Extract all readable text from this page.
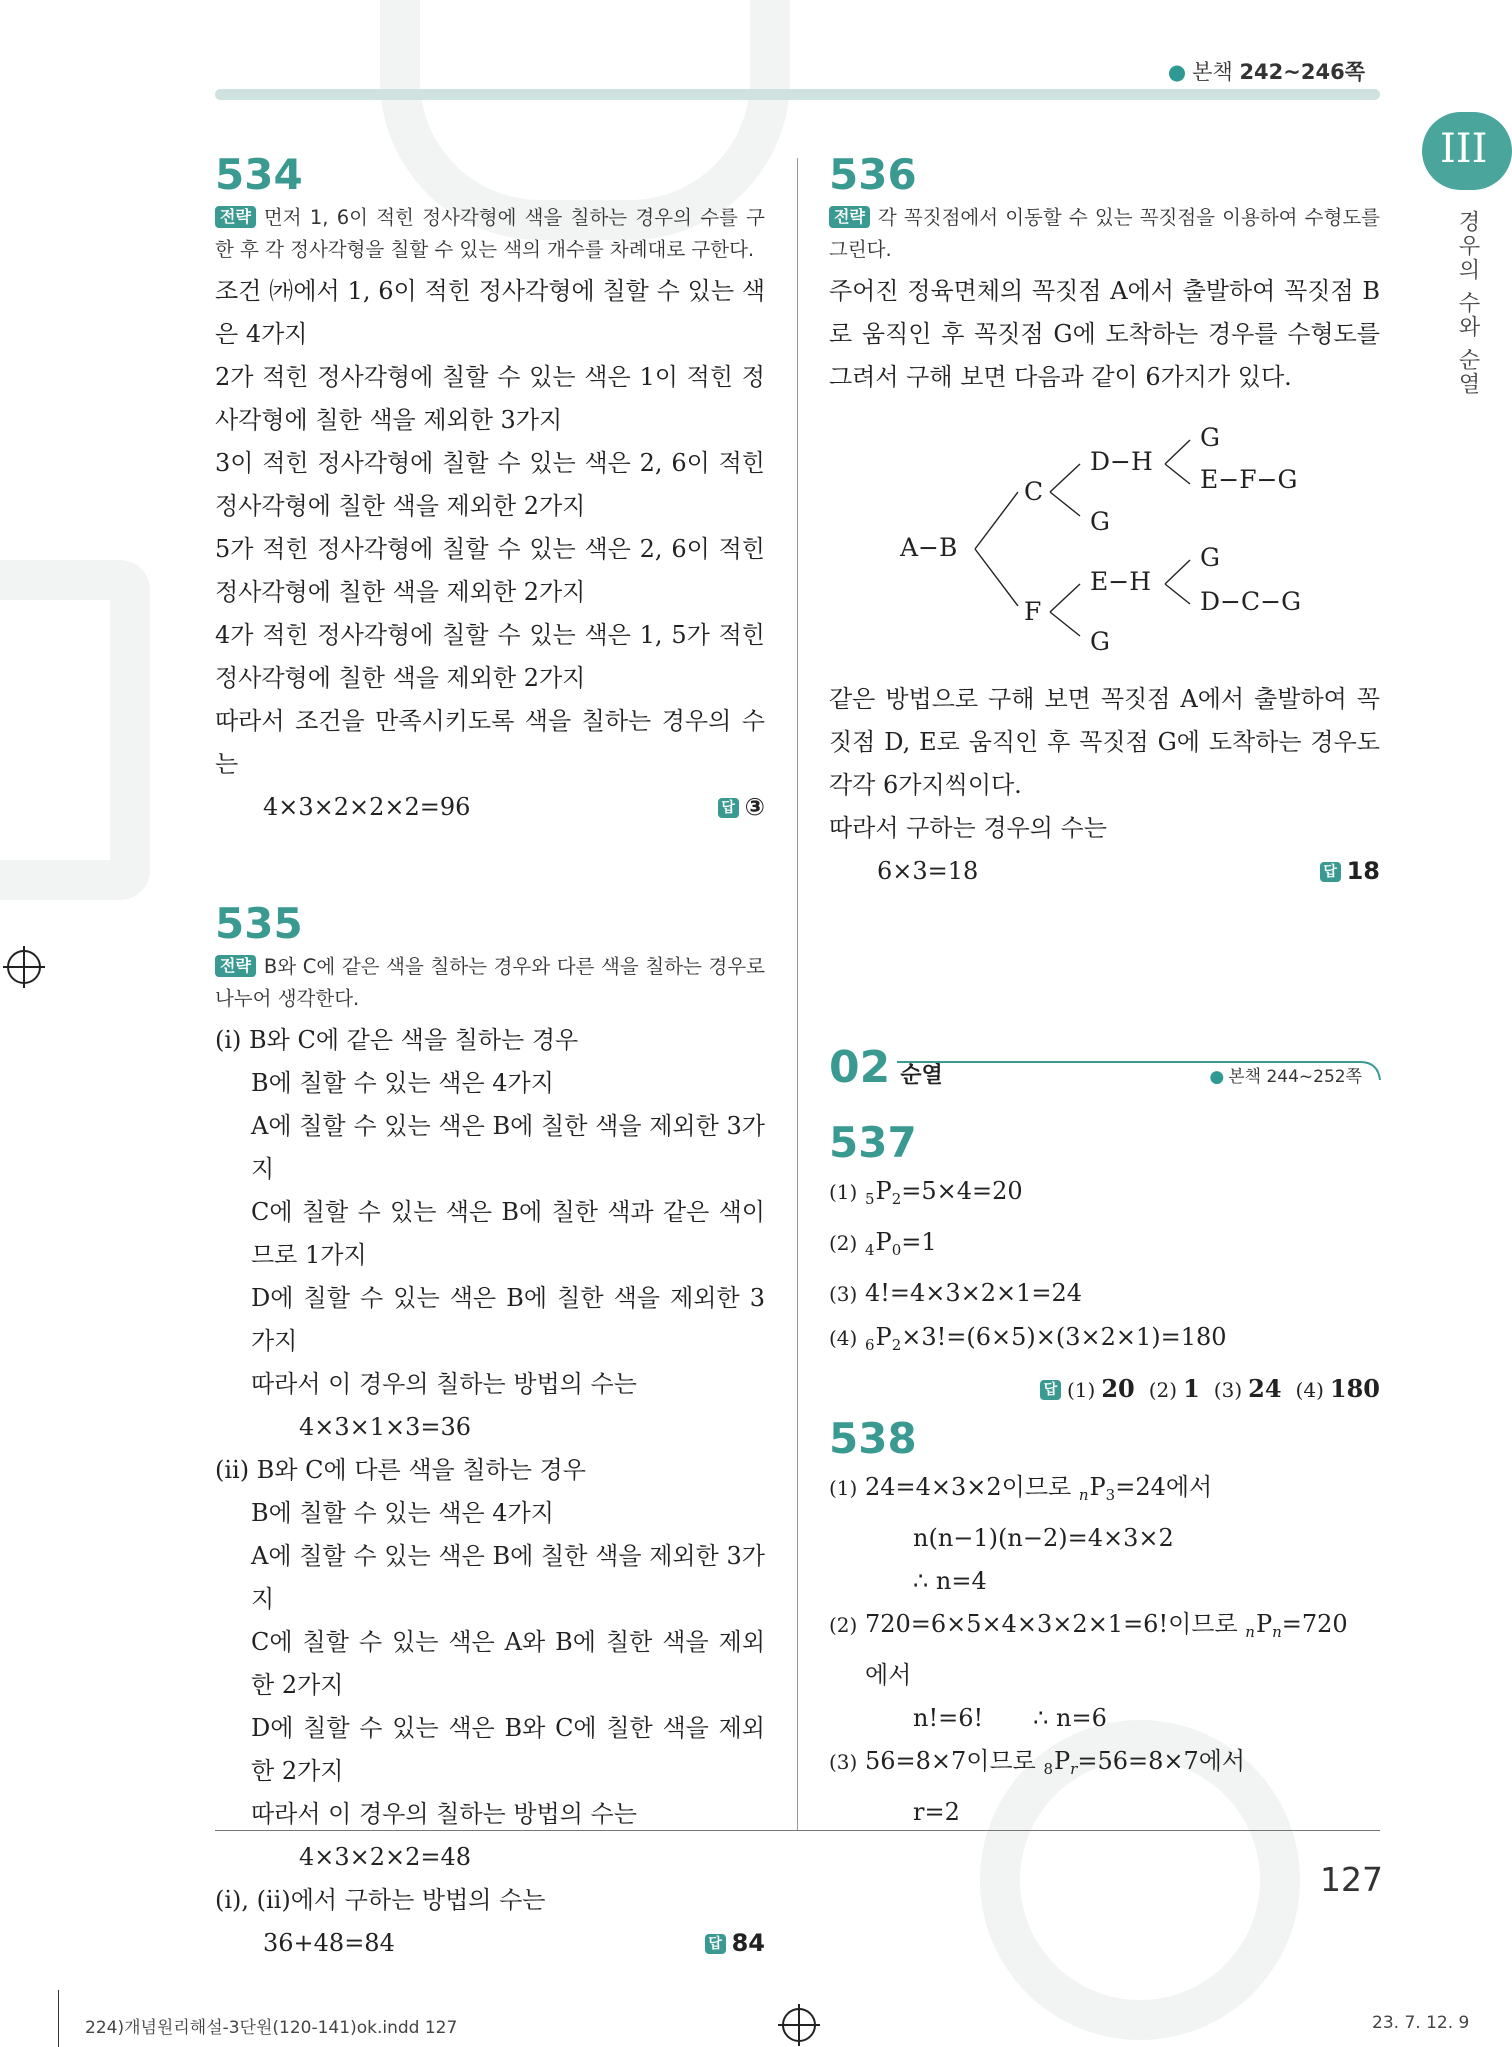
● 본책 242~246쪽
III
경우의 수와 순열
534
전략 먼저 1, 6이 적힌 정사각형에 색을 칠하는 경우의 수를 구한 후 각 정사각형을 칠할 수 있는 색의 개수를 차례대로 구한다.

조건 ㈎에서 1, 6이 적힌 정사각형에 칠할 수 있는 색은 4가지

2가 적힌 정사각형에 칠할 수 있는 색은 1이 적힌 정사각형에 칠한 색을 제외한 3가지

3이 적힌 정사각형에 칠할 수 있는 색은 2, 6이 적힌 정사각형에 칠한 색을 제외한 2가지

5가 적힌 정사각형에 칠할 수 있는 색은 2, 6이 적힌 정사각형에 칠한 색을 제외한 2가지

4가 적힌 정사각형에 칠할 수 있는 색은 1, 5가 적힌 정사각형에 칠한 색을 제외한 2가지

따라서 조건을 만족시키도록 색을 칠하는 경우의 수는

4×3×2×2×2=96	답 ③
535
전략 B와 C에 같은 색을 칠하는 경우와 다른 색을 칠하는 경우로 나누어 생각한다.

(ⅰ) B와 C에 같은 색을 칠하는 경우

B에 칠할 수 있는 색은 4가지

A에 칠할 수 있는 색은 B에 칠한 색을 제외한 3가지

C에 칠할 수 있는 색은 B에 칠한 색과 같은 색이므로 1가지

D에 칠할 수 있는 색은 B에 칠한 색을 제외한 3가지

따라서 이 경우의 칠하는 방법의 수는

4×3×1×3=36

(ⅱ) B와 C에 다른 색을 칠하는 경우

B에 칠할 수 있는 색은 4가지

A에 칠할 수 있는 색은 B에 칠한 색을 제외한 3가지

C에 칠할 수 있는 색은 A와 B에 칠한 색을 제외한 2가지

D에 칠할 수 있는 색은 B와 C에 칠한 색을 제외한 2가지

따라서 이 경우의 칠하는 방법의 수는

4×3×2×2=48

(ⅰ), (ⅱ)에서 구하는 방법의 수는

36+48=84	답 84
536
전략 각 꼭짓점에서 이동할 수 있는 꼭짓점을 이용하여 수형도를 그린다.

주어진 정육면체의 꼭짓점 A에서 출발하여 꼭짓점 B로 움직인 후 꼭짓점 G에 도착하는 경우를 수형도를 그려서 구해 보면 다음과 같이 6가지가 있다.

A−B
C
F
D−H
G
E−H
G
G
E−F−G
G
D−C−G

같은 방법으로 구해 보면 꼭짓점 A에서 출발하여 꼭짓점 D, E로 움직인 후 꼭짓점 G에 도착하는 경우도 각각 6가지씩이다.

따라서 구하는 경우의 수는

6×3=18	답 18
02 순열	● 본책 244~252쪽
537

(1) $_5P_2=5\times 4=20$

(2) $_4P_0=1$

(3) 4!=4×3×2×1=24

(4) $_6P_2\times 3!=(6\times 5)\times(3\times 2\times 1)=180$

답 (1) 20 (2) 1 (3) 24 (4) 180

538

(1) 24=4×3×2이므로 $_nP_3=24$에서

n(n−1)(n−2)=4×3×2

∴ n=4

(2) 720=6×5×4×3×2×1=6!이므로 $_nP_n=720$

에서

n!=6! ∴ n=6

(3) 56=8×7이므로 $_8P_r=56=8\times 7$에서

r=2

127
224)개념원리해설-3단원(120-141)ok.indd 127	23. 7. 12. 9
